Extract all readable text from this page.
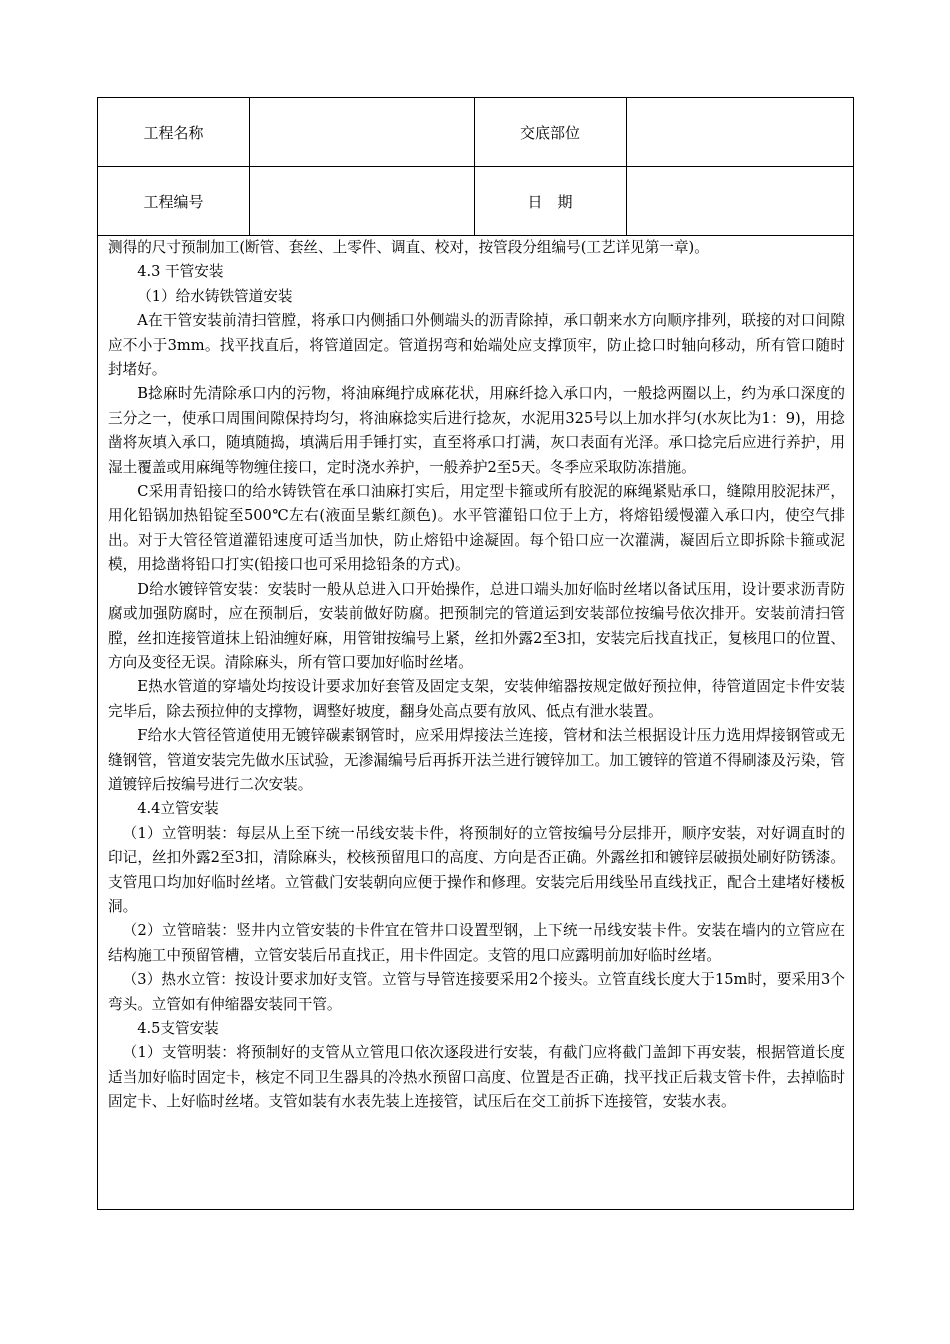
工程名称	交底部位
工程编号	日　期

测得的尺寸预制加工(断管、套丝、上零件、调直、校对，按管段分组编号(工艺详见第一章)。

4.3 干管安装

（1）给水铸铁管道安装

A在干管安装前清扫管膛，将承口内侧插口外侧端头的沥青除掉，承口朝来水方向顺序排列，联接的对口间隙应不小于3mm。找平找直后，将管道固定。管道拐弯和始端处应支撑顶牢，防止捻口时轴向移动，所有管口随时封堵好。

B捻麻时先清除承口内的污物，将油麻绳拧成麻花状，用麻纤捻入承口内，一般捻两圈以上，约为承口深度的三分之一，使承口周围间隙保持均匀，将油麻捻实后进行捻灰，水泥用325号以上加水拌匀(水灰比为1：9)，用捻凿将灰填入承口，随填随捣，填满后用手锤打实，直至将承口打满，灰口表面有光泽。承口捻完后应进行养护，用湿土覆盖或用麻绳等物缠住接口，定时浇水养护，一般养护2至5天。冬季应采取防冻措施。

C采用青铅接口的给水铸铁管在承口油麻打实后，用定型卡箍或所有胶泥的麻绳紧贴承口，缝隙用胶泥抹严，用化铅锅加热铅锭至500℃左右(液面呈紫红颜色)。水平管灌铅口位于上方，将熔铅缓慢灌入承口内，使空气排出。对于大管径管道灌铅速度可适当加快，防止熔铅中途凝固。每个铅口应一次灌满，凝固后立即拆除卡箍或泥模，用捻凿将铅口打实(铅接口也可采用捻铅条的方式)。

D给水镀锌管安装：安装时一般从总进入口开始操作，总进口端头加好临时丝堵以备试压用，设计要求沥青防腐或加强防腐时，应在预制后，安装前做好防腐。把预制完的管道运到安装部位按编号依次排开。安装前清扫管膛，丝扣连接管道抹上铅油缠好麻，用管钳按编号上紧，丝扣外露2至3扣，安装完后找直找正，复核甩口的位置、方向及变径无误。清除麻头，所有管口要加好临时丝堵。

E热水管道的穿墙处均按设计要求加好套管及固定支架，安装伸缩器按规定做好预拉伸，待管道固定卡件安装完毕后，除去预拉伸的支撑物，调整好坡度，翻身处高点要有放风、低点有泄水装置。

F给水大管径管道使用无镀锌碳素钢管时，应采用焊接法兰连接，管材和法兰根据设计压力选用焊接钢管或无缝钢管，管道安装完先做水压试验，无渗漏编号后再拆开法兰进行镀锌加工。加工镀锌的管道不得刷漆及污染，管道镀锌后按编号进行二次安装。

4.4立管安装

（1）立管明装：每层从上至下统一吊线安装卡件，将预制好的立管按编号分层排开，顺序安装，对好调直时的印记，丝扣外露2至3扣，清除麻头，校核预留甩口的高度、方向是否正确。外露丝扣和镀锌层破损处刷好防锈漆。支管甩口均加好临时丝堵。立管截门安装朝向应便于操作和修理。安装完后用线坠吊直线找正，配合土建堵好楼板洞。

（2）立管暗装：竖井内立管安装的卡件宜在管井口设置型钢，上下统一吊线安装卡件。安装在墙内的立管应在结构施工中预留管槽，立管安装后吊直找正，用卡件固定。支管的甩口应露明前加好临时丝堵。

（3）热水立管：按设计要求加好支管。立管与导管连接要采用2个接头。立管直线长度大于15m时，要采用3个弯头。立管如有伸缩器安装同干管。

4.5支管安装

（1）支管明装：将预制好的支管从立管甩口依次逐段进行安装，有截门应将截门盖卸下再安装，根据管道长度适当加好临时固定卡，核定不同卫生器具的冷热水预留口高度、位置是否正确，找平找正后栽支管卡件，去掉临时固定卡、上好临时丝堵。支管如装有水表先装上连接管，试压后在交工前拆下连接管，安装水表。
